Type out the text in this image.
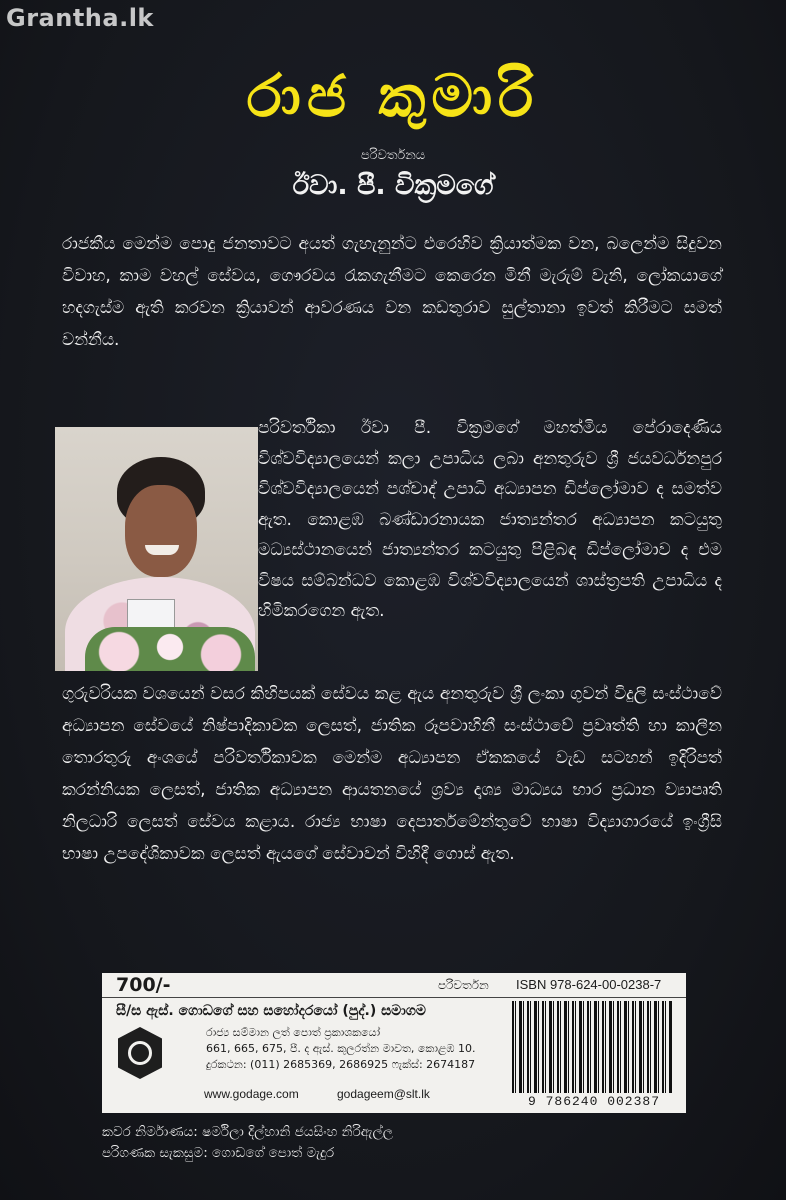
Grantha.lk
රාජ කුමාරි
පරිවර්තනය
ඊවා. පී. වික්‍රමගේ

රාජකීය මෙන්ම පොදු ජනතාවට අයත් ගැහැනුන්ට එරෙහිව ක්‍රියාත්මක වන, බලෙන්ම සිදුවන විවාහ, කාම වහල් සේවය, ගෞරවය රැකගැනීමට කෙරෙන මිනී මැරුම් වැනි, ලෝකයාගේ හදගැස්ම ඇති කරවන ක්‍රියාවන් ආවරණය වන කඩතුරාව සුල්තානා ඉවත් කිරීමට සමත් වන්නීය.

පරිවර්තිකා ඊවා පී. වික්‍රමගේ මහත්මිය පේරාදෙණිය විශ්වවිද්‍යාලයෙන් කලා උපාධිය ලබා අනතුරුව ශ්‍රී ජයවර්ධනපුර විශ්වවිද්‍යාලයෙන් පශ්චාද් උපාධි අධ්‍යාපන ඩිප්ලෝමාව ද සමත්ව ඇත. කොළඹ බණ්ඩාරනායක ජාත්‍යන්තර අධ්‍යාපන කටයුතු මධ්‍යස්ථානයෙන් ජාත්‍යන්තර කටයුතු පිළිබඳ ඩිප්ලෝමාව ද එම විෂය සම්බන්ධව කොළඹ විශ්වවිද්‍යාලයෙන් ශාස්ත්‍රපති උපාධිය ද හිමිකරගෙන ඇත.

ගුරුවරියක වශයෙන් වසර කිහිපයක් සේවය කළ ඇය අනතුරුව ශ්‍රී ලංකා ගුවන් විදුලි සංස්ථාවේ අධ්‍යාපන සේවයේ නිෂ්පාදිකාවක ලෙසත්, ජාතික රූපවාහිනී සංස්ථාවේ ප්‍රවෘත්ති හා කාලීන තොරතුරු අංශයේ පරිවර්තිකාවක මෙන්ම අධ්‍යාපන ඒකකයේ වැඩ සටහන් ඉදිරිපත් කරන්නියක ලෙසත්, ජාතික අධ්‍යාපන ආයතනයේ ශ්‍රව්‍ය දෘශ්‍ය මාධ්‍යය භාර ප්‍රධාන ව්‍යාපෘති නිලධාරි ලෙසත් සේවය කළාය. රාජ්‍ය භාෂා දෙපාර්තමේන්තුවේ භාෂා විද්‍යාගාරයේ ඉංග්‍රීසි භාෂා උපදේශිකාවක ලෙසත් ඇයගේ සේවාවන් විහිදී ගොස් ඇත.

700/-	පරිවර්තන ISBN 978-624-00-0238-7
සී/ස ඇස්. ගොඩගේ සහ සහෝදරයෝ (පුද්.) සමාගම
රාජ්‍ය සම්මාන ලත් පොත් ප්‍රකාශකයෝ
661, 665, 675, පී. ද ඇස්. කුලරත්න මාවත, කොළඹ 10.
දුරකථන: (011) 2685369, 2686925 ෆැක්ස්: 2674187
www.godage.com	godageem@slt.lk	9 786240 002387
කවර නිර්මාණය: ෂර්මිලා දිල්හානි ජයසිංහ නිරිඇල්ල
පරිගණක සැකසුම: ගොඩගේ පොත් මැදුර
